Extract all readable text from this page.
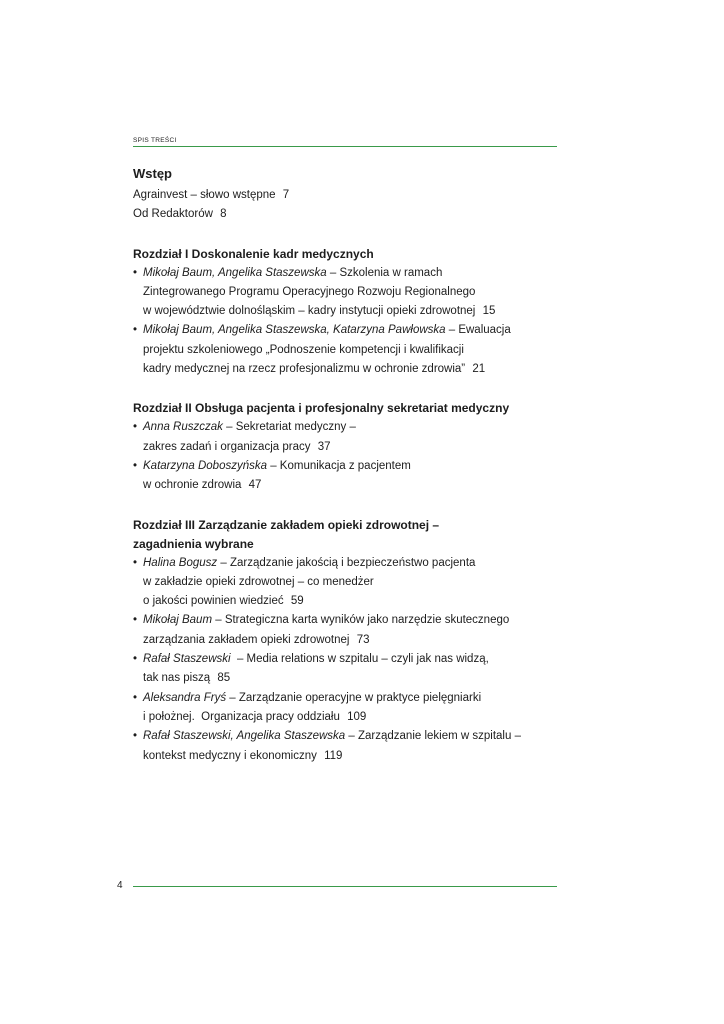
SPIS TREŚCI
Wstęp
Agrainvest – słowo wstępne 7
Od Redaktorów 8
Rozdział I Doskonalenie kadr medycznych
• Mikołaj Baum, Angelika Staszewska – Szkolenia w ramach
Zintegrowanego Programu Operacyjnego Rozwoju Regionalnego
w województwie dolnośląskim – kadry instytucji opieki zdrowotnej 15
• Mikołaj Baum, Angelika Staszewska, Katarzyna Pawłowska – Ewaluacja
projektu szkoleniowego „Podnoszenie kompetencji i kwalifikacji
kadry medycznej na rzecz profesjonalizmu w ochronie zdrowia” 21
Rozdział II Obsługa pacjenta i profesjonalny sekretariat medyczny
• Anna Ruszczak – Sekretariat medyczny –
zakres zadań i organizacja pracy 37
• Katarzyna Doboszyńska – Komunikacja z pacjentem
w ochronie zdrowia 47
Rozdział III Zarządzanie zakładem opieki zdrowotnej –
zagadnienia wybrane
• Halina Bogusz – Zarządzanie jakością i bezpieczeństwo pacjenta
w zakładzie opieki zdrowotnej – co menedżer
o jakości powinien wiedzieć 59
• Mikołaj Baum – Strategiczna karta wyników jako narzędzie skutecznego
zarządzania zakładem opieki zdrowotnej 73
• Rafał Staszewski  – Media relations w szpitalu – czyli jak nas widzą,
tak nas piszą 85
• Aleksandra Fryś – Zarządzanie operacyjne w praktyce pielęgniarki
i położnej.  Organizacja pracy oddziału 109
• Rafał Staszewski, Angelika Staszewska – Zarządzanie lekiem w szpitalu –
kontekst medyczny i ekonomiczny 119
4
